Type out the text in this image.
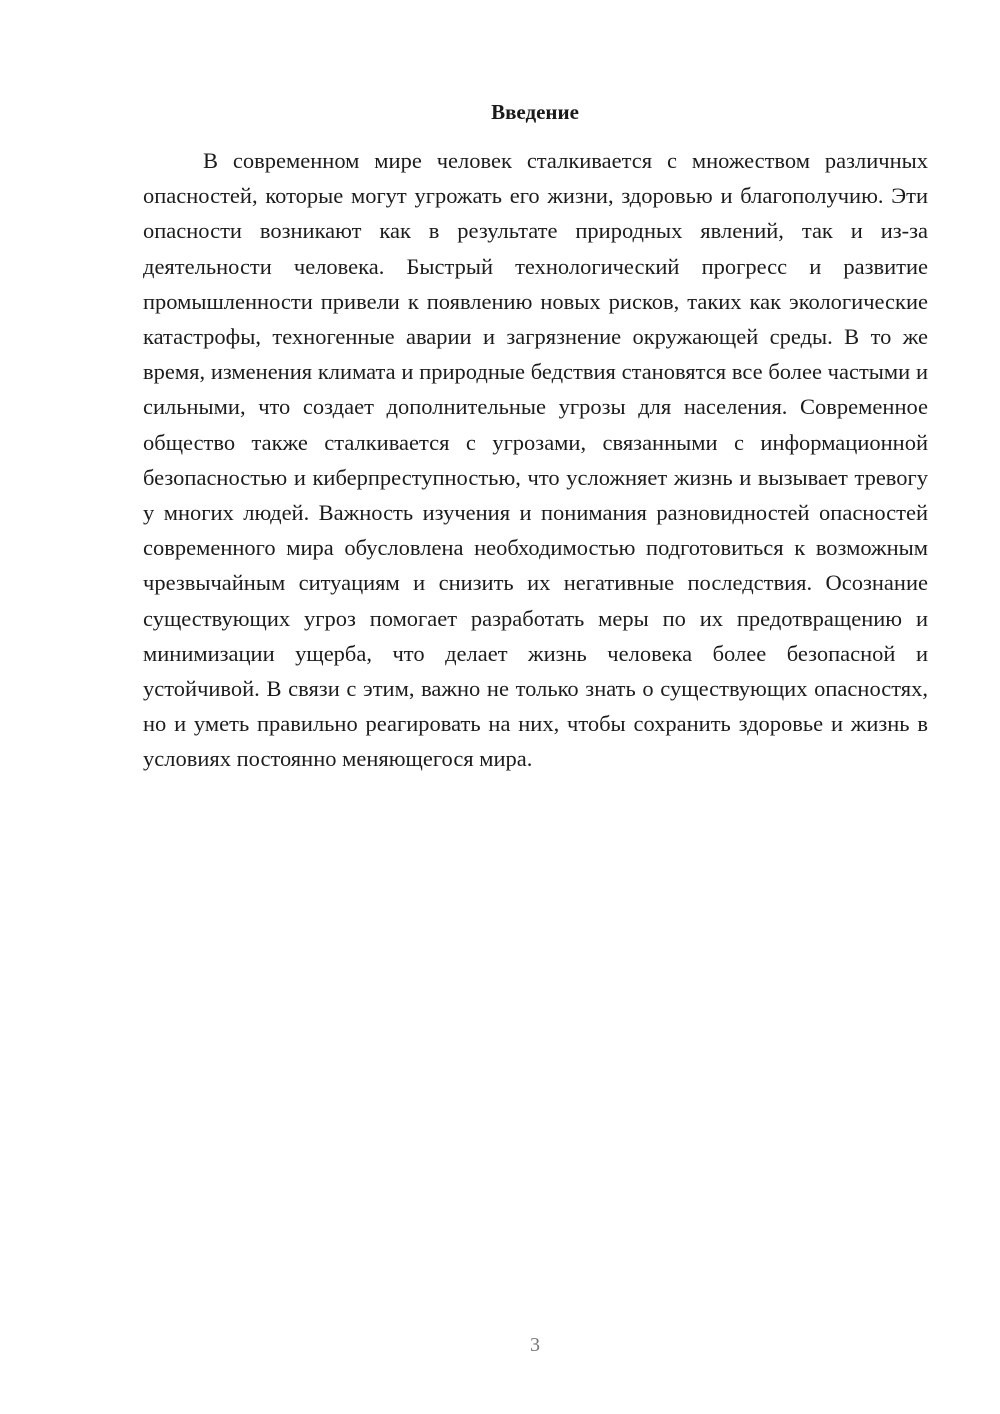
Введение

В современном мире человек сталкивается с множеством различных опасностей, которые могут угрожать его жизни, здоровью и благополучию. Эти опасности возникают как в результате природных явлений, так и из-за деятельности человека. Быстрый технологический прогресс и развитие промышленности привели к появлению новых рисков, таких как экологические катастрофы, техногенные аварии и загрязнение окружающей среды. В то же время, изменения климата и природные бедствия становятся все более частыми и сильными, что создает дополнительные угрозы для населения. Современное общество также сталкивается с угрозами, связанными с информационной безопасностью и киберпреступностью, что усложняет жизнь и вызывает тревогу у многих людей. Важность изучения и понимания разновидностей опасностей современного мира обусловлена необходимостью подготовиться к возможным чрезвычайным ситуациям и снизить их негативные последствия. Осознание существующих угроз помогает разработать меры по их предотвращению и минимизации ущерба, что делает жизнь человека более безопасной и устойчивой. В связи с этим, важно не только знать о существующих опасностях, но и уметь правильно реагировать на них, чтобы сохранить здоровье и жизнь в условиях постоянно меняющегося мира.

3
